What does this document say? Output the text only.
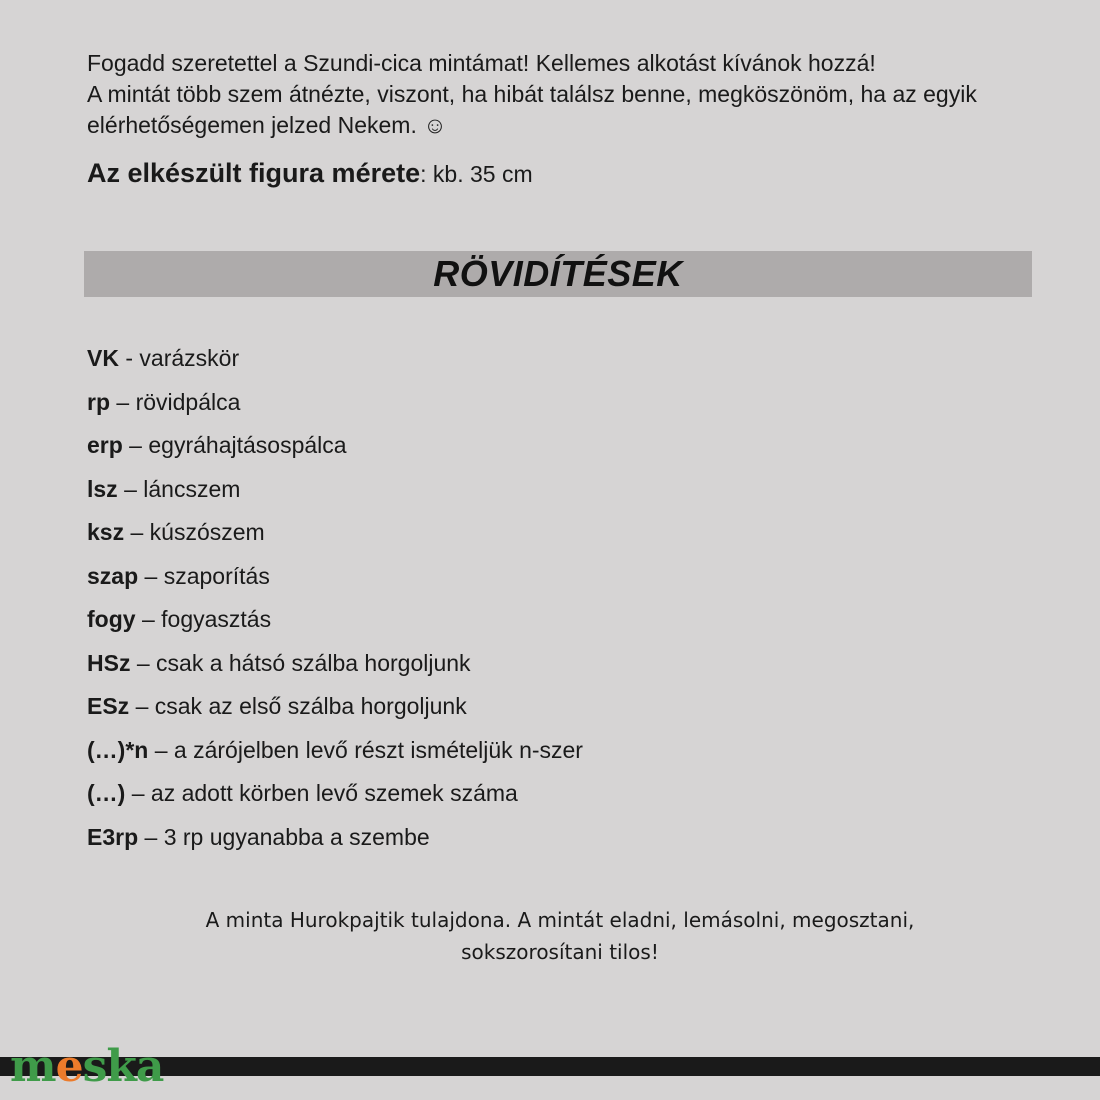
Fogadd szeretettel a Szundi-cica mintámat! Kellemes alkotást kívánok hozzá!

A mintát több szem átnézte, viszont, ha hibát találsz benne, megköszönöm, ha az egyik elérhetőségemen jelzed Nekem. ☺

Az elkészült figura mérete: kb. 35 cm
RÖVIDÍTÉSEK
VK - varázskör
rp – rövidpálca
erp – egyráhajtásospálca
lsz – láncszem
ksz – kúszószem
szap – szaporítás
fogy – fogyasztás
HSz – csak a hátsó szálba horgoljunk
ESz – csak az első szálba horgoljunk
(…)*n – a zárójelben levő részt ismételjük n-szer
(…) – az adott körben levő szemek száma
E3rp – 3 rp ugyanabba a szembe
A minta Hurokpajtik tulajdona. A mintát eladni, lemásolni, megosztani,
sokszorosítani tilos!
meska
